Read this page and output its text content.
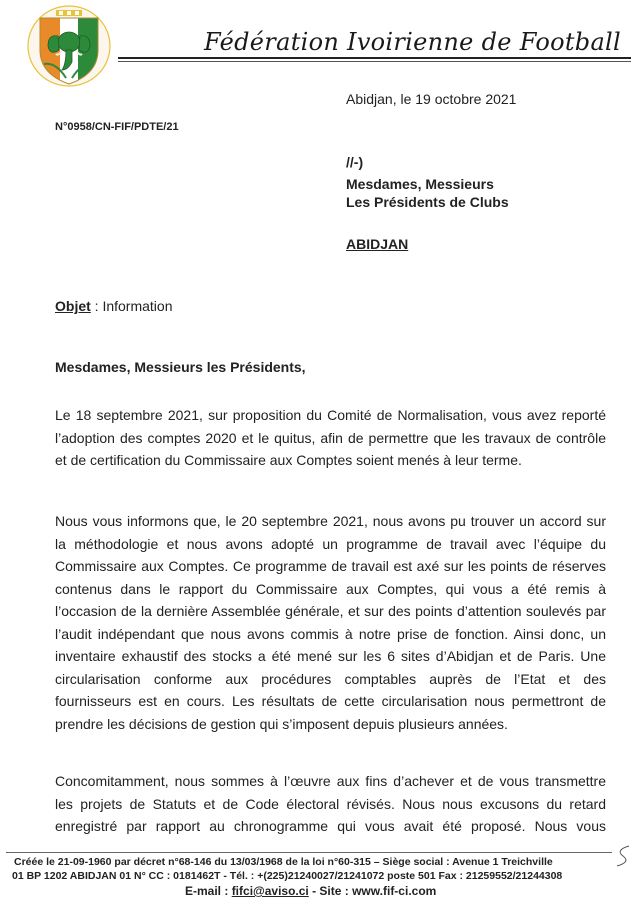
Fédération Ivoirienne de Football
Abidjan, le 19 octobre 2021
N°0958/CN-FIF/PDTE/21
//-)
Mesdames, Messieurs
Les Présidents de Clubs
ABIDJAN
Objet : Information
Mesdames, Messieurs les Présidents,
Le 18 septembre 2021, sur proposition du Comité de Normalisation, vous avez reporté
l’adoption des comptes 2020 et le quitus, afin de permettre que les travaux de contrôle
et de certification du Commissaire aux Comptes soient menés à leur terme.
Nous vous informons que, le 20 septembre 2021, nous avons pu trouver un accord sur
la méthodologie et nous avons adopté un programme de travail avec l’équipe du
Commissaire aux Comptes. Ce programme de travail est axé sur les points de réserves
contenus dans le rapport du Commissaire aux Comptes, qui vous a été remis à
l’occasion de la dernière Assemblée générale, et sur des points d’attention soulevés par
l’audit indépendant que nous avons commis à notre prise de fonction. Ainsi donc, un
inventaire exhaustif des stocks a été mené sur les 6 sites d’Abidjan et de Paris. Une
circularisation conforme aux procédures comptables auprès de l’Etat et des
fournisseurs est en cours. Les résultats de cette circularisation nous permettront de
prendre les décisions de gestion qui s’imposent depuis plusieurs années.
Concomitamment, nous sommes à l’œuvre aux fins d’achever et de vous transmettre
les projets de Statuts et de Code électoral révisés. Nous nous excusons du retard
enregistré par rapport au chronogramme qui vous avait été proposé. Nous vous
Créée le 21-09-1960 par décret n°68-146 du 13/03/1968 de la loi n°60-315 – Siège social : Avenue 1 Treichville
01 BP 1202 ABIDJAN 01 N° CC : 0181462T - Tél. : +(225)21240027/21241072 poste 501 Fax : 21259552/21244308
E-mail : fifci@aviso.ci - Site : www.fif-ci.com
